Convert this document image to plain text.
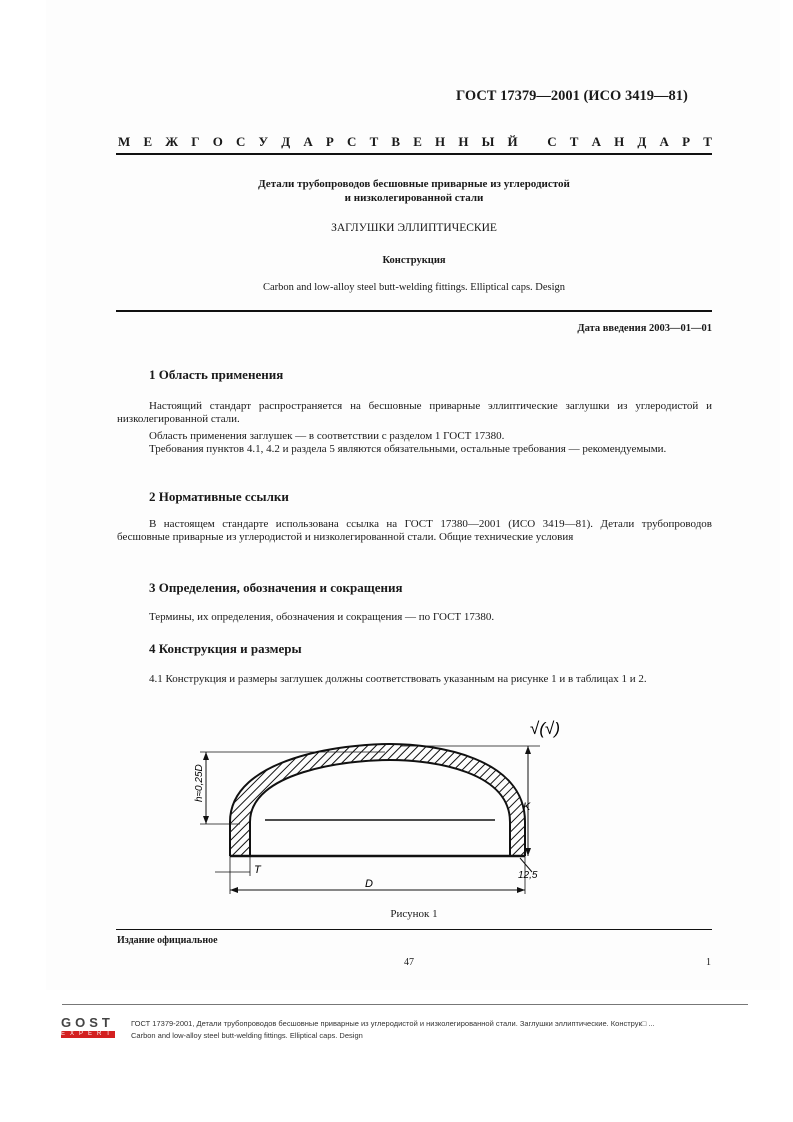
ГОСТ 17379—2001 (ИСО 3419—81)
М Е Ж Г О С У Д А Р С Т В Е Н Н Ы Й
С Т А Н Д А Р Т
Детали трубопроводов бесшовные приварные из углеродистой
и низколегированной стали
ЗАГЛУШКИ ЭЛЛИПТИЧЕСКИЕ
Конструкция
Carbon and low-alloy steel butt-welding fittings. Elliptical caps. Design
Дата введения 2003—01—01
1 Область применения
Настоящий стандарт распространяется на бесшовные приварные эллиптические заглушки из углеродистой и низколегированной стали.
Область применения заглушек — в соответствии с разделом 1 ГОСТ 17380.
Требования пунктов 4.1, 4.2 и раздела 5 являются обязательными, остальные требования — рекомендуемыми.
2 Нормативные ссылки
В настоящем стандарте использована ссылка на ГОСТ 17380—2001 (ИСО 3419—81). Детали трубопроводов бесшовные приварные из углеродистой и низколегированной стали. Общие технические условия
3 Определения, обозначения и сокращения
Термины, их определения, обозначения и сокращения — по ГОСТ 17380.
4 Конструкция и размеры
4.1 Конструкция и размеры заглушек должны соответствовать указанным на рисунке 1 и в таблицах 1 и 2.
h≈0,25D
K
T
D
12,5
√(√)
Рисунок 1
Издание официальное
47	1
GOST
EXPERT
ГОСТ 17379-2001, Детали трубопроводов бесшовные приварные из углеродистой и низколегированной стали. Заглушки эллиптические. Конструк□ ...
Carbon and low-alloy steel butt-welding fittings. Elliptical caps. Design
